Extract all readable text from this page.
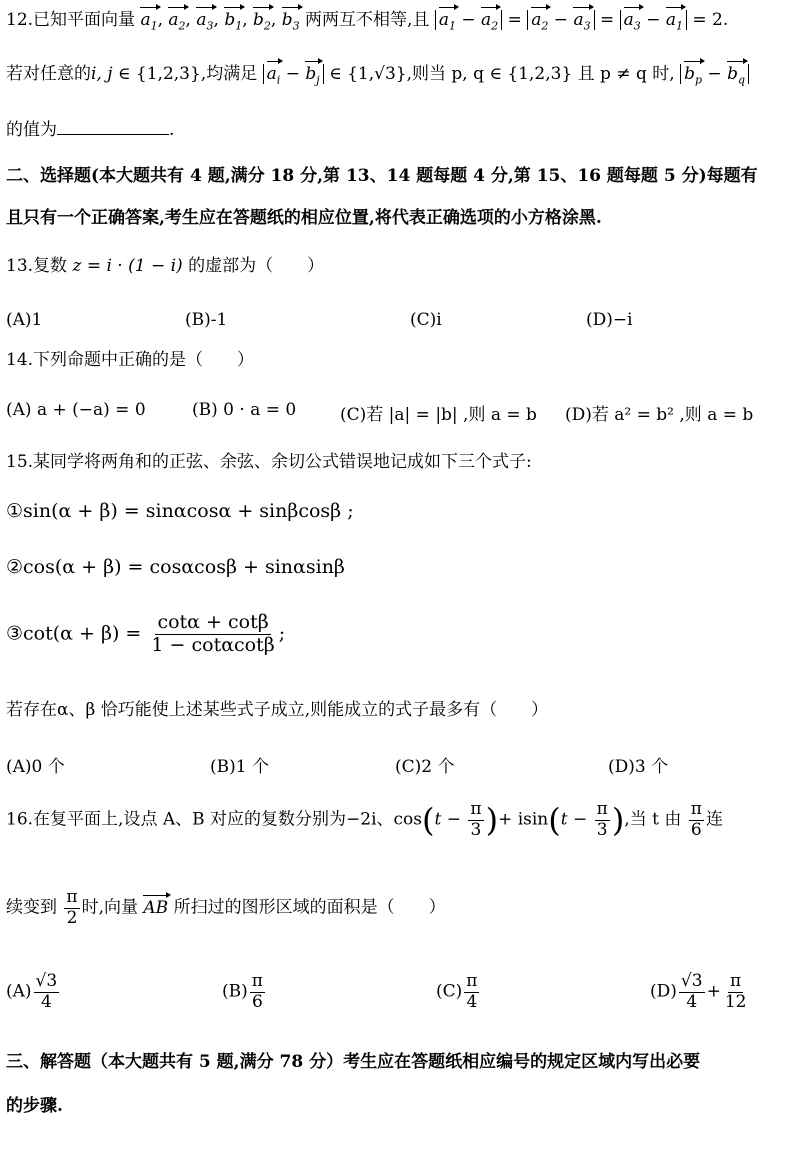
12.已知平面向量 $a_1$, $a_2$, $a_3$, $b_1$, $b_2$, $b_3$ 两两互不相等,且 $a_1 - a_2 = a_2 - a_3 = a_3 - a_1 = 2$.
若对任意的i, j ∈ {1,2,3},均满足 $a_i - b_j$ ∈ {1,√3},则当 p, q ∈ {1,2,3} 且 p ≠ q 时, $b_p - b_q$
的值为	.
二、选择题(本大题共有 4 题,满分 18 分,第 13、14 题每题 4 分,第 15、16 题每题 5 分)每题有
且只有一个正确答案,考生应在答题纸的相应位置,将代表正确选项的小方格涂黑.
13.复数 z = i · (1 − i) 的虚部为（　　）
(A)1	(B)-1	(C)i	(D)−i
14.下列命题中正确的是（　　）
(A) a + (−a) = 0	(B) 0 · a = 0	(C)若 |a| = |b| ,则 a = b (D)若 a² = b² ,则 a = b
15.某同学将两角和的正弦、余弦、余切公式错误地记成如下三个式子:
①sin(α + β) = sinαcosα + sinβcosβ ;
②cos(α + β) = cosαcosβ + sinαsinβ
③cot(α + $\beta) = \frac{\cot\alpha + \cot\beta}{1 - \cot\alpha\cot\beta}$ ;
若存在α、β 恰巧能使上述某些式子成立,则能成立的式子最多有（　　）
(A)0 个	(B)1 个	(C)2 个	(D)3 个
16.在复平面上,设点 A、B 对应的复数分别为−2i、$\cos(t - \frac{\pi}{3}$ )+ $isin(t - \frac{\pi}{3}$ ),当 t 由 $\frac{\pi}{6}$ 连
续变到 $\frac{\pi}{2}$ 时,向量 AB 所扫过的图形区域的面积是（　　）
$(A) \frac{√3}{4}$	$(B) \frac{\pi}{6}$	$(C) \frac{\pi}{4}$	$(D) \frac{√3}{4} + \frac{\pi}{12}$
三、解答题（本大题共有 5 题,满分 78 分）考生应在答题纸相应编号的规定区域内写出必要
的步骤.
